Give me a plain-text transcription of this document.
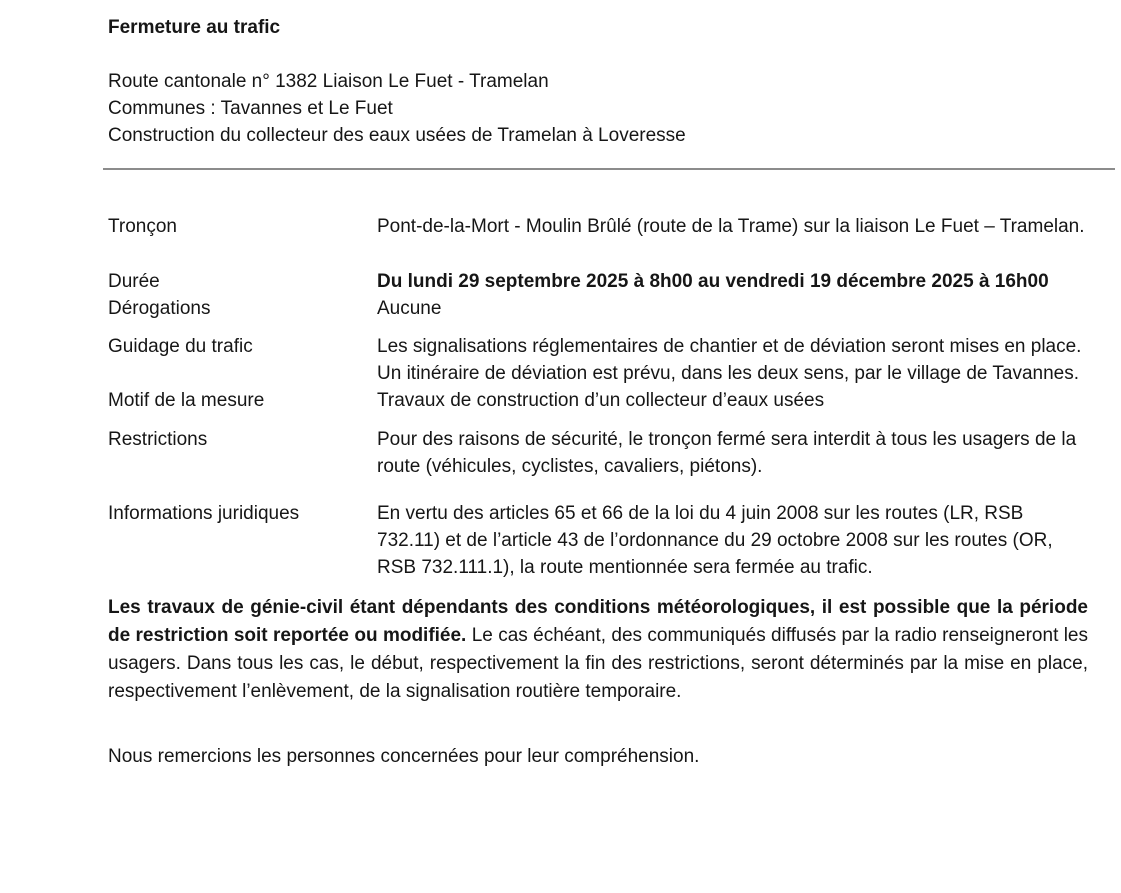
Fermeture au trafic
Route cantonale n° 1382 Liaison Le Fuet - Tramelan
Communes : Tavannes et Le Fuet
Construction du collecteur des eaux usées de Tramelan à Loveresse
Tronçon	Pont-de-la-Mort - Moulin Brûlé (route de la Trame) sur la liaison Le Fuet – Tramelan.

Durée	Du lundi 29 septembre 2025 à 8h00 au vendredi 19 décembre 2025 à 16h00

Dérogations	Aucune

Guidage du trafic	Les signalisations réglementaires de chantier et de déviation seront mises en place.

Un itinéraire de déviation est prévu, dans les deux sens, par le village de Tavannes.

Motif de la mesure	Travaux de construction d’un collecteur d’eaux usées

Restrictions	Pour des raisons de sécurité, le tronçon fermé sera interdit à tous les usagers de la route (véhicules, cyclistes, cavaliers, piétons).

Informations juridiques	En vertu des articles 65 et 66 de la loi du 4 juin 2008 sur les routes (LR, RSB 732.11) et de l’article 43 de l’ordonnance du 29 octobre 2008 sur les routes (OR, RSB 732.111.1), la route mentionnée sera fermée au trafic.

Les travaux de génie-civil étant dépendants des conditions météorologiques, il est possible que la période de restriction soit reportée ou modifiée. Le cas échéant, des communiqués diffusés par la radio renseigneront les usagers. Dans tous les cas, le début, respectivement la fin des restrictions, seront déterminés par la mise en place, respectivement l’enlèvement, de la signalisation routière temporaire.

Nous remercions les personnes concernées pour leur compréhension.
